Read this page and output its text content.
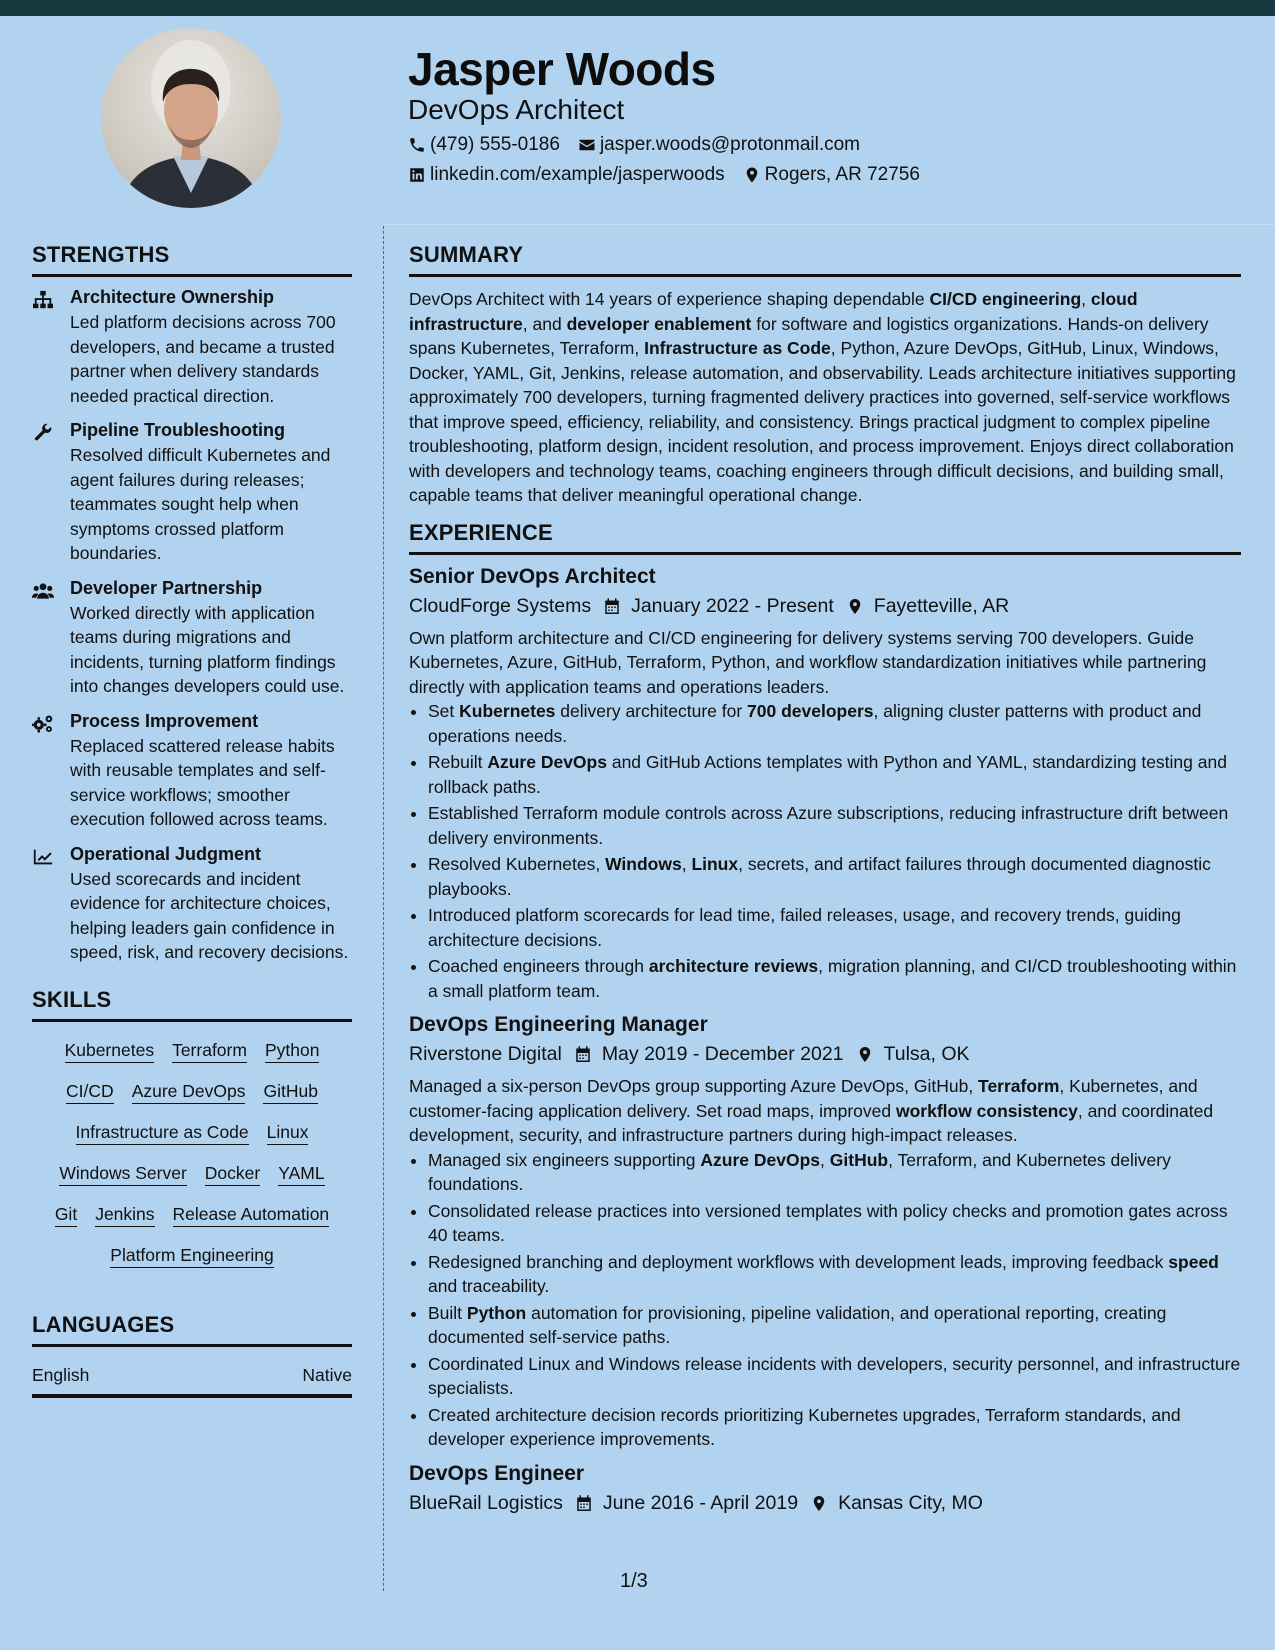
Jasper Woods
DevOps Architect
(479) 555-0186 jasper.woods@protonmail.com
linkedin.com/example/jasperwoods Rogers, AR 72756
STRENGTHS
Architecture Ownership
Led platform decisions across 700 developers, and became a trusted partner when delivery standards needed practical direction.
Pipeline Troubleshooting
Resolved difficult Kubernetes and agent failures during releases; teammates sought help when symptoms crossed platform boundaries.
Developer Partnership
Worked directly with application teams during migrations and incidents, turning platform findings into changes developers could use.
Process Improvement
Replaced scattered release habits with reusable templates and self-service workflows; smoother execution followed across teams.
Operational Judgment
Used scorecards and incident evidence for architecture choices, helping leaders gain confidence in speed, risk, and recovery decisions.
SKILLS
Kubernetes Terraform Python
CI/CD Azure DevOps GitHub
Infrastructure as Code Linux
Windows Server Docker YAML
Git Jenkins Release Automation
Platform Engineering
LANGUAGES
English	Native
SUMMARY
DevOps Architect with 14 years of experience shaping dependable CI/CD engineering, cloud infrastructure, and developer enablement for software and logistics organizations. Hands-on delivery spans Kubernetes, Terraform, Infrastructure as Code, Python, Azure DevOps, GitHub, Linux, Windows, Docker, YAML, Git, Jenkins, release automation, and observability. Leads architecture initiatives supporting approximately 700 developers, turning fragmented delivery practices into governed, self-service workflows that improve speed, efficiency, reliability, and consistency. Brings practical judgment to complex pipeline troubleshooting, platform design, incident resolution, and process improvement. Enjoys direct collaboration with developers and technology teams, coaching engineers through difficult decisions, and building small, capable teams that deliver meaningful operational change.
EXPERIENCE
Senior DevOps Architect
CloudForge Systems January 2022 - Present Fayetteville, AR
Own platform architecture and CI/CD engineering for delivery systems serving 700 developers. Guide Kubernetes, Azure, GitHub, Terraform, Python, and workflow standardization initiatives while partnering directly with application teams and operations leaders.
• Set Kubernetes delivery architecture for 700 developers, aligning cluster patterns with product and operations needs.
• Rebuilt Azure DevOps and GitHub Actions templates with Python and YAML, standardizing testing and rollback paths.
• Established Terraform module controls across Azure subscriptions, reducing infrastructure drift between delivery environments.
• Resolved Kubernetes, Windows, Linux, secrets, and artifact failures through documented diagnostic playbooks.
• Introduced platform scorecards for lead time, failed releases, usage, and recovery trends, guiding architecture decisions.
• Coached engineers through architecture reviews, migration planning, and CI/CD troubleshooting within a small platform team.
DevOps Engineering Manager
Riverstone Digital May 2019 - December 2021 Tulsa, OK
Managed a six-person DevOps group supporting Azure DevOps, GitHub, Terraform, Kubernetes, and customer-facing application delivery. Set road maps, improved workflow consistency, and coordinated development, security, and infrastructure partners during high-impact releases.
• Managed six engineers supporting Azure DevOps, GitHub, Terraform, and Kubernetes delivery foundations.
• Consolidated release practices into versioned templates with policy checks and promotion gates across 40 teams.
• Redesigned branching and deployment workflows with development leads, improving feedback speed and traceability.
• Built Python automation for provisioning, pipeline validation, and operational reporting, creating documented self-service paths.
• Coordinated Linux and Windows release incidents with developers, security personnel, and infrastructure specialists.
• Created architecture decision records prioritizing Kubernetes upgrades, Terraform standards, and developer experience improvements.
DevOps Engineer
BlueRail Logistics June 2016 - April 2019 Kansas City, MO
1/3
